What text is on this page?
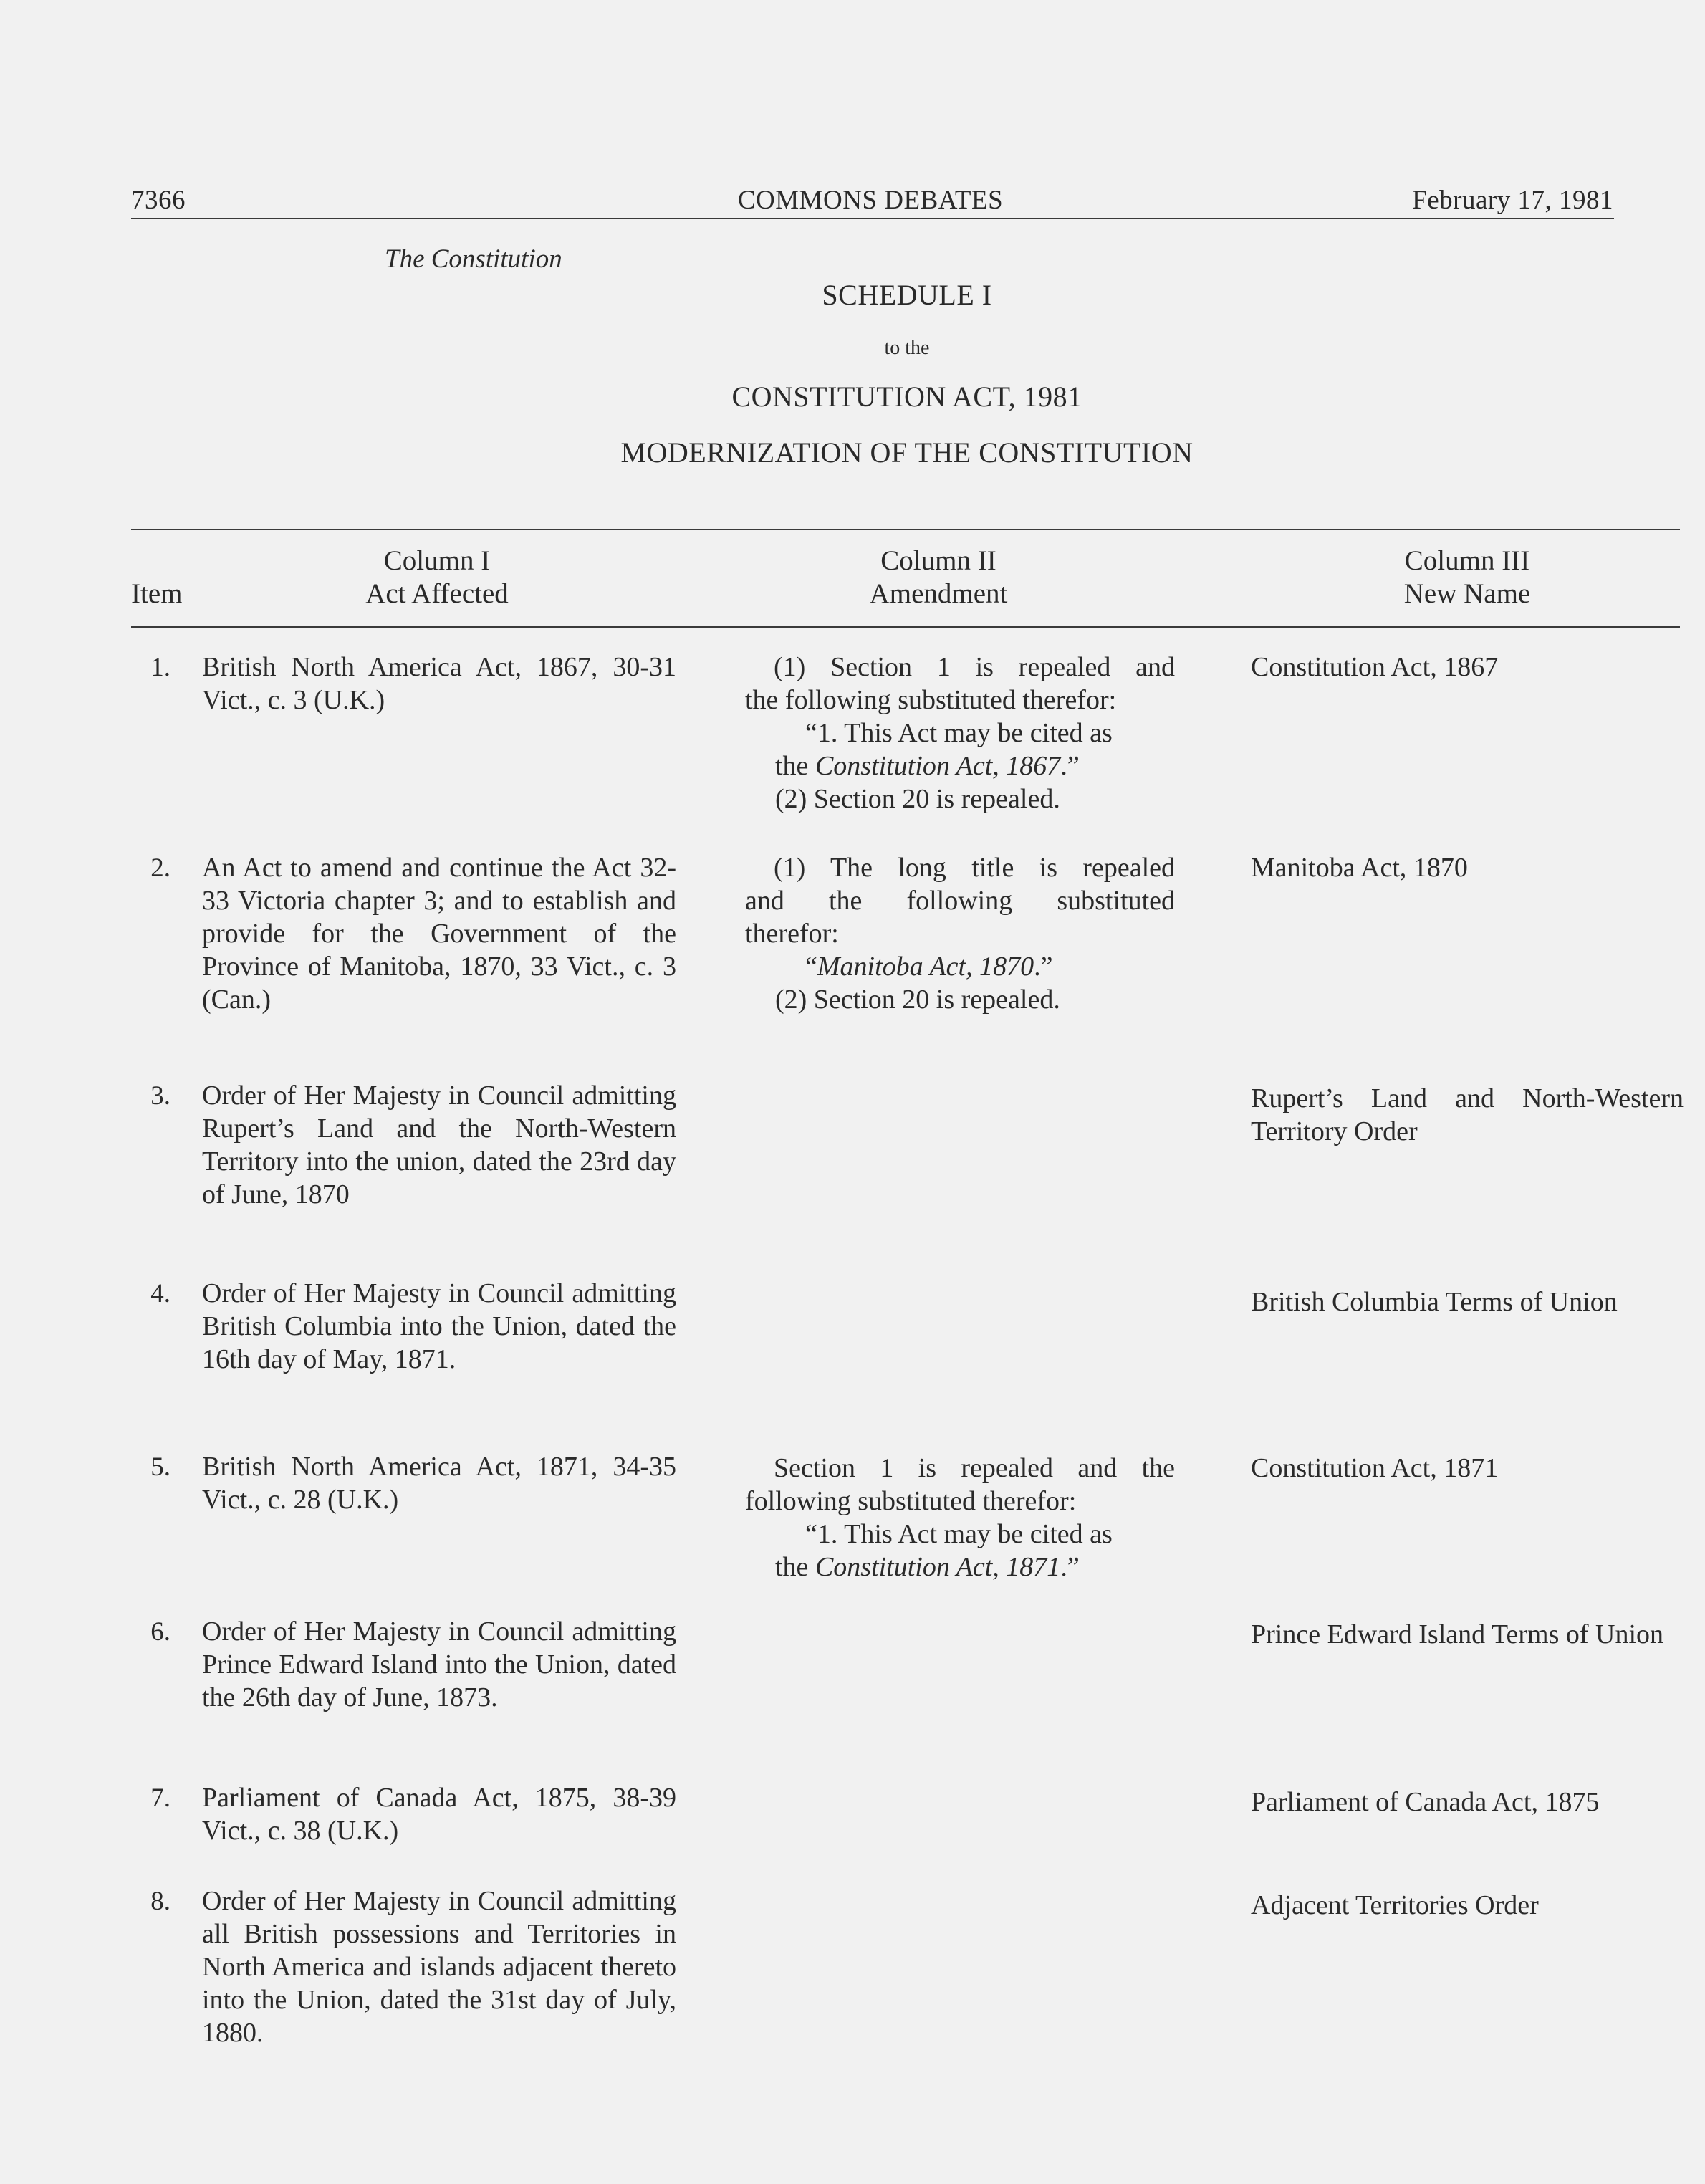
7366	COMMONS DEBATES	February 17, 1981
The Constitution
SCHEDULE I
to the
CONSTITUTION ACT, 1981
MODERNIZATION OF THE CONSTITUTION
Item
Column I
Act Affected
Column II
Amendment
Column III
New Name
1. British North America Act, 1867, 30-31 Vict., c. 3 (U.K.)
(1) Section 1 is repealed and
the following substituted therefor:
“1. This Act may be cited as
the Constitution Act, 1867.”
(2) Section 20 is repealed.
Constitution Act, 1867
2. An Act to amend and continue the Act 32-33 Victoria chapter 3; and to establish and provide for the Government of the Province of Manitoba, 1870, 33 Vict., c. 3 (Can.)
(1) The long title is repealed
and the following substituted
therefor:
“Manitoba Act, 1870.”
(2) Section 20 is repealed.
Manitoba Act, 1870
3. Order of Her Majesty in Council admitting Rupert’s Land and the North-Western Territory into the union, dated the 23rd day of June, 1870
Rupert’s Land and North-Western Territory Order
4. Order of Her Majesty in Council admitting British Columbia into the Union, dated the 16th day of May, 1871.
British Columbia Terms of Union
5. British North America Act, 1871, 34-35 Vict., c. 28 (U.K.)
Section 1 is repealed and the
following substituted therefor:
“1. This Act may be cited as
the Constitution Act, 1871.”
Constitution Act, 1871
6. Order of Her Majesty in Council admitting Prince Edward Island into the Union, dated the 26th day of June, 1873.
Prince Edward Island Terms of Union
7. Parliament of Canada Act, 1875, 38-39 Vict., c. 38 (U.K.)
Parliament of Canada Act, 1875
8. Order of Her Majesty in Council admitting all British possessions and Territories in North America and islands adjacent thereto into the Union, dated the 31st day of July, 1880.
Adjacent Territories Order
